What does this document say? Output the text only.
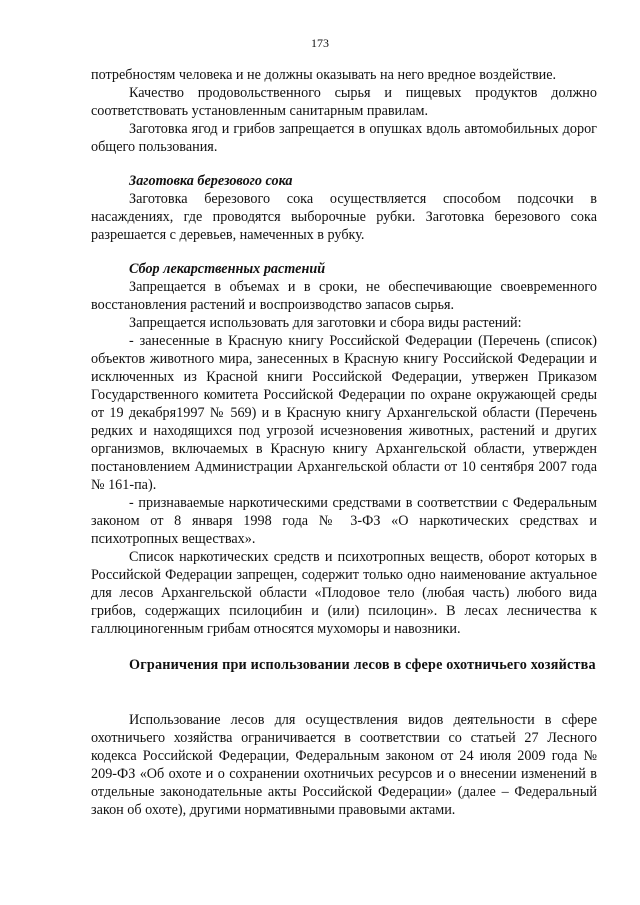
173

потребностям человека и не должны оказывать на него вредное воздействие.

Качество продовольственного сырья и пищевых продуктов должно соответствовать установленным санитарным правилам.

Заготовка ягод и грибов запрещается в опушках вдоль автомобильных дорог общего пользования.

Заготовка березового сока

Заготовка березового сока осуществляется способом подсочки в насаждениях, где проводятся выборочные рубки. Заготовка березового сока разрешается с деревьев, намеченных в рубку.

Сбор лекарственных растений

Запрещается в объемах и в сроки, не обеспечивающие своевременного восстановления растений и воспроизводство запасов сырья.

Запрещается использовать для заготовки и сбора виды растений:

- занесенные в Красную книгу Российской Федерации (Перечень (список) объектов животного мира, занесенных в Красную книгу Российской Федерации и исключенных из Красной книги Российской Федерации, утвержен Приказом Государственного комитета Российской Федерации по охране окружающей среды от 19 декабря1997 № 569) и в Красную книгу Архангельской области (Перечень редких и находящихся под угрозой исчезновения животных, растений и других организмов, включаемых в Красную книгу Архангельской области, утвержден постановлением Администрации Архангельской области от 10 сентября 2007 года № 161-па).

- признаваемые наркотическими средствами в соответствии с Федеральным законом от 8 января 1998 года № 3-ФЗ «О наркотических средствах и психотропных веществах».

Список наркотических средств и психотропных веществ, оборот которых в Российской Федерации запрещен, содержит только одно наименование актуальное для лесов Архангельской области «Плодовое тело (любая часть) любого вида грибов, содержащих псилоцибин и (или) псилоцин». В лесах лесничества к галлюциногенным грибам относятся мухоморы и навозники.

Ограничения при использовании лесов в сфере охотничьего хозяйства

Использование лесов для осуществления видов деятельности в сфере охотничьего хозяйства ограничивается в соответствии со статьей 27 Лесного кодекса Российской Федерации, Федеральным законом от 24 июля 2009 года № 209-ФЗ «Об охоте и о сохранении охотничьих ресурсов и о внесении изменений в отдельные законодательные акты Российской Федерации» (далее – Федеральный закон об охоте), другими нормативными правовыми актами.
